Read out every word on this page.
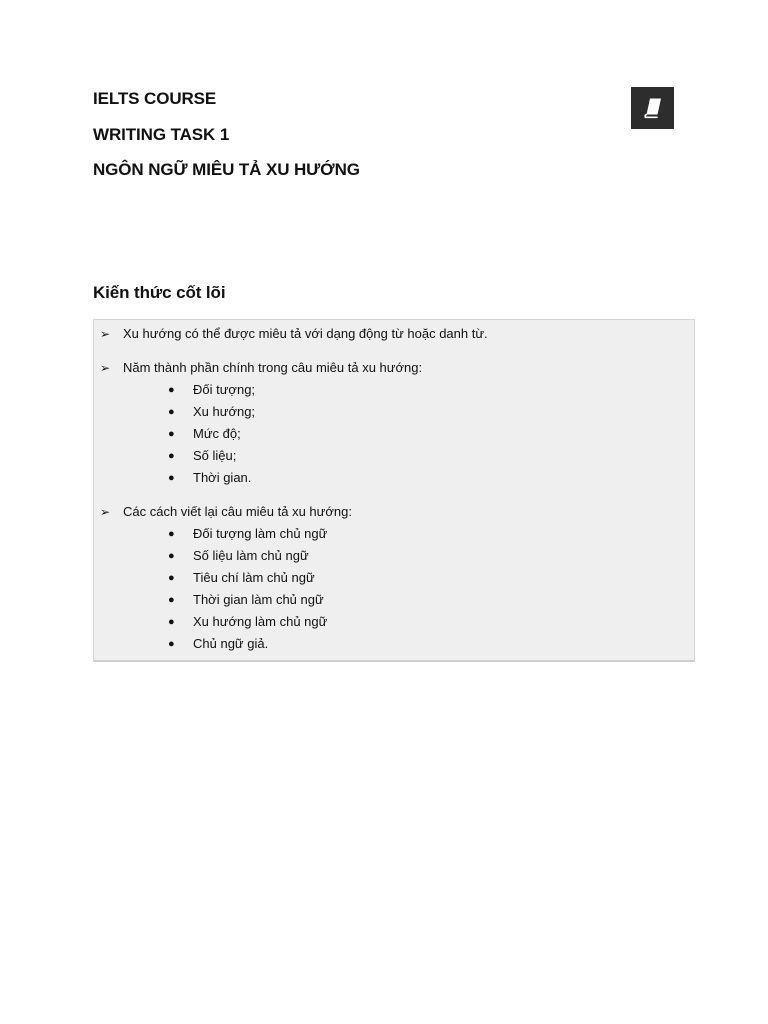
IELTS COURSE
WRITING TASK 1
NGÔN NGỮ MIÊU TẢ XU HƯỚNG
Kiến thức cốt lõi
➢ Xu hướng có thể được miêu tả với dạng động từ hoặc danh từ.
➢ Năm thành phần chính trong câu miêu tả xu hướng:
●	Đối tượng;
●	Xu hướng;
●	Mức độ;
●	Số liệu;
●	Thời gian.
➢ Các cách viết lại câu miêu tả xu hướng:
●	Đối tượng làm chủ ngữ
●	Số liệu làm chủ ngữ
●	Tiêu chí làm chủ ngữ
●	Thời gian làm chủ ngữ
●	Xu hướng làm chủ ngữ
●	Chủ ngữ giả.
